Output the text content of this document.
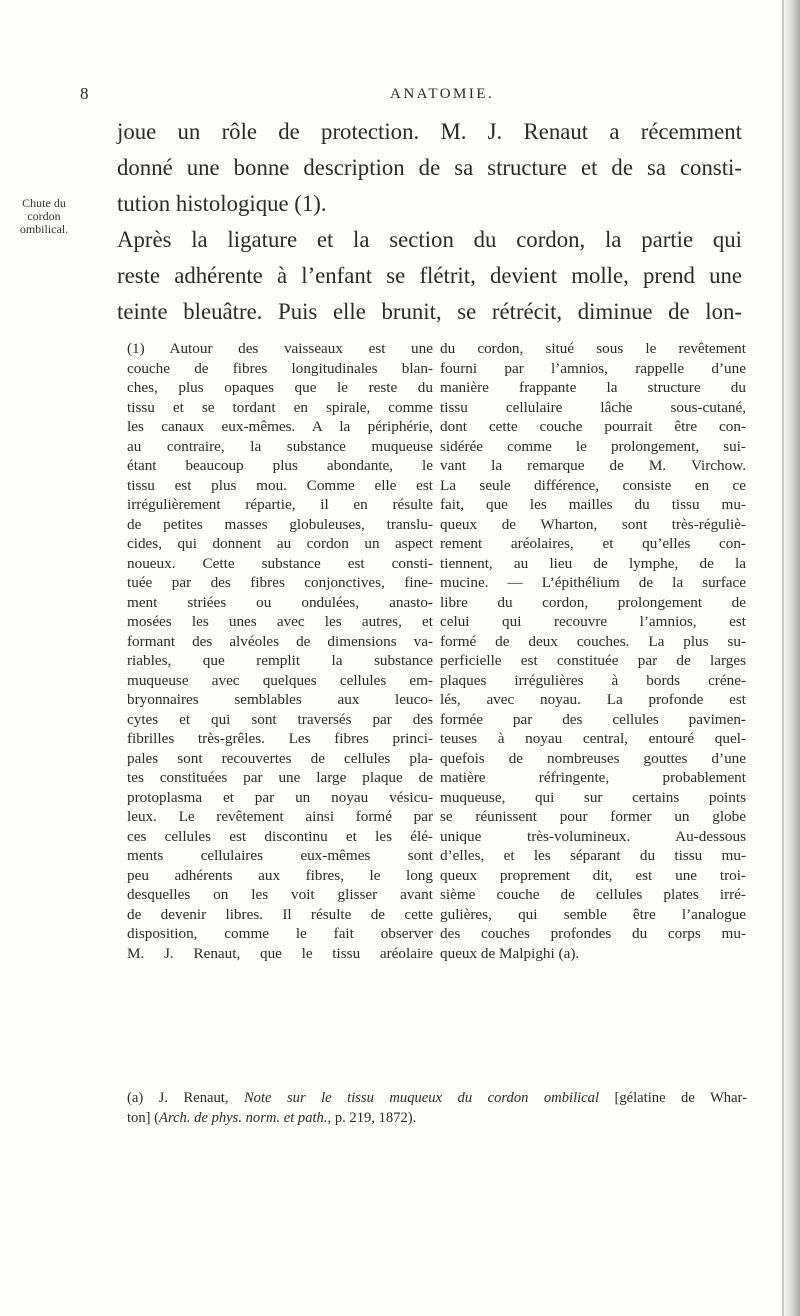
8	ANATOMIE.
Chute du cordon
ombilical.

joue un rôle de protection. M. J. Renaut a récemment

donné une bonne description de sa structure et de sa consti-

tution histologique (1).

Après la ligature et la section du cordon, la partie qui

reste adhérente à l’enfant se flétrit, devient molle, prend une

teinte bleuâtre. Puis elle brunit, se rétrécit, diminue de lon-

(1) Autour des vaisseaux est une

couche de fibres longitudinales blan-

ches, plus opaques que le reste du

tissu et se tordant en spirale, comme

les canaux eux-mêmes. A la périphérie,

au contraire, la substance muqueuse

étant beaucoup plus abondante, le

tissu est plus mou. Comme elle est

irrégulièrement répartie, il en résulte

de petites masses globuleuses, translu-

cides, qui donnent au cordon un aspect

noueux. Cette substance est consti-

tuée par des fibres conjonctives, fine-

ment striées ou ondulées, anasto-

mosées les unes avec les autres, et

formant des alvéoles de dimensions va-

riables, que remplit la substance

muqueuse avec quelques cellules em-

bryonnaires semblables aux leuco-

cytes et qui sont traversés par des

fibrilles très-grêles. Les fibres princi-

pales sont recouvertes de cellules pla-

tes constituées par une large plaque de

protoplasma et par un noyau vésicu-

leux. Le revêtement ainsi formé par

ces cellules est discontinu et les élé-

ments cellulaires eux-mêmes sont

peu adhérents aux fibres, le long

desquelles on les voit glisser avant

de devenir libres. Il résulte de cette

disposition, comme le fait observer

M. J. Renaut, que le tissu aréolaire

du cordon, situé sous le revêtement

fourni par l’amnios, rappelle d’une

manière frappante la structure du

tissu cellulaire lâche sous-cutané,

dont cette couche pourrait être con-

sidérée comme le prolongement, sui-

vant la remarque de M. Virchow.

La seule différence, consiste en ce

fait, que les mailles du tissu mu-

queux de Wharton, sont très-réguliè-

rement aréolaires, et qu’elles con-

tiennent, au lieu de lymphe, de la

mucine. — L’épithélium de la surface

libre du cordon, prolongement de

celui qui recouvre l’amnios, est

formé de deux couches. La plus su-

perficielle est constituée par de larges

plaques irrégulières à bords créne-

lés, avec noyau. La profonde est

formée par des cellules pavimen-

teuses à noyau central, entouré quel-

quefois de nombreuses gouttes d’une

matière réfringente, probablement

muqueuse, qui sur certains points

se réunissent pour former un globe

unique très-volumineux. Au-dessous

d’elles, et les séparant du tissu mu-

queux proprement dit, est une troi-

sième couche de cellules plates irré-

gulières, qui semble être l’analogue

des couches profondes du corps mu-

queux de Malpighi (a).

(a) J. Renaut, Note sur le tissu muqueux du cordon ombilical [gélatine de Whar-

ton] (Arch. de phys. norm. et path., p. 219, 1872).
